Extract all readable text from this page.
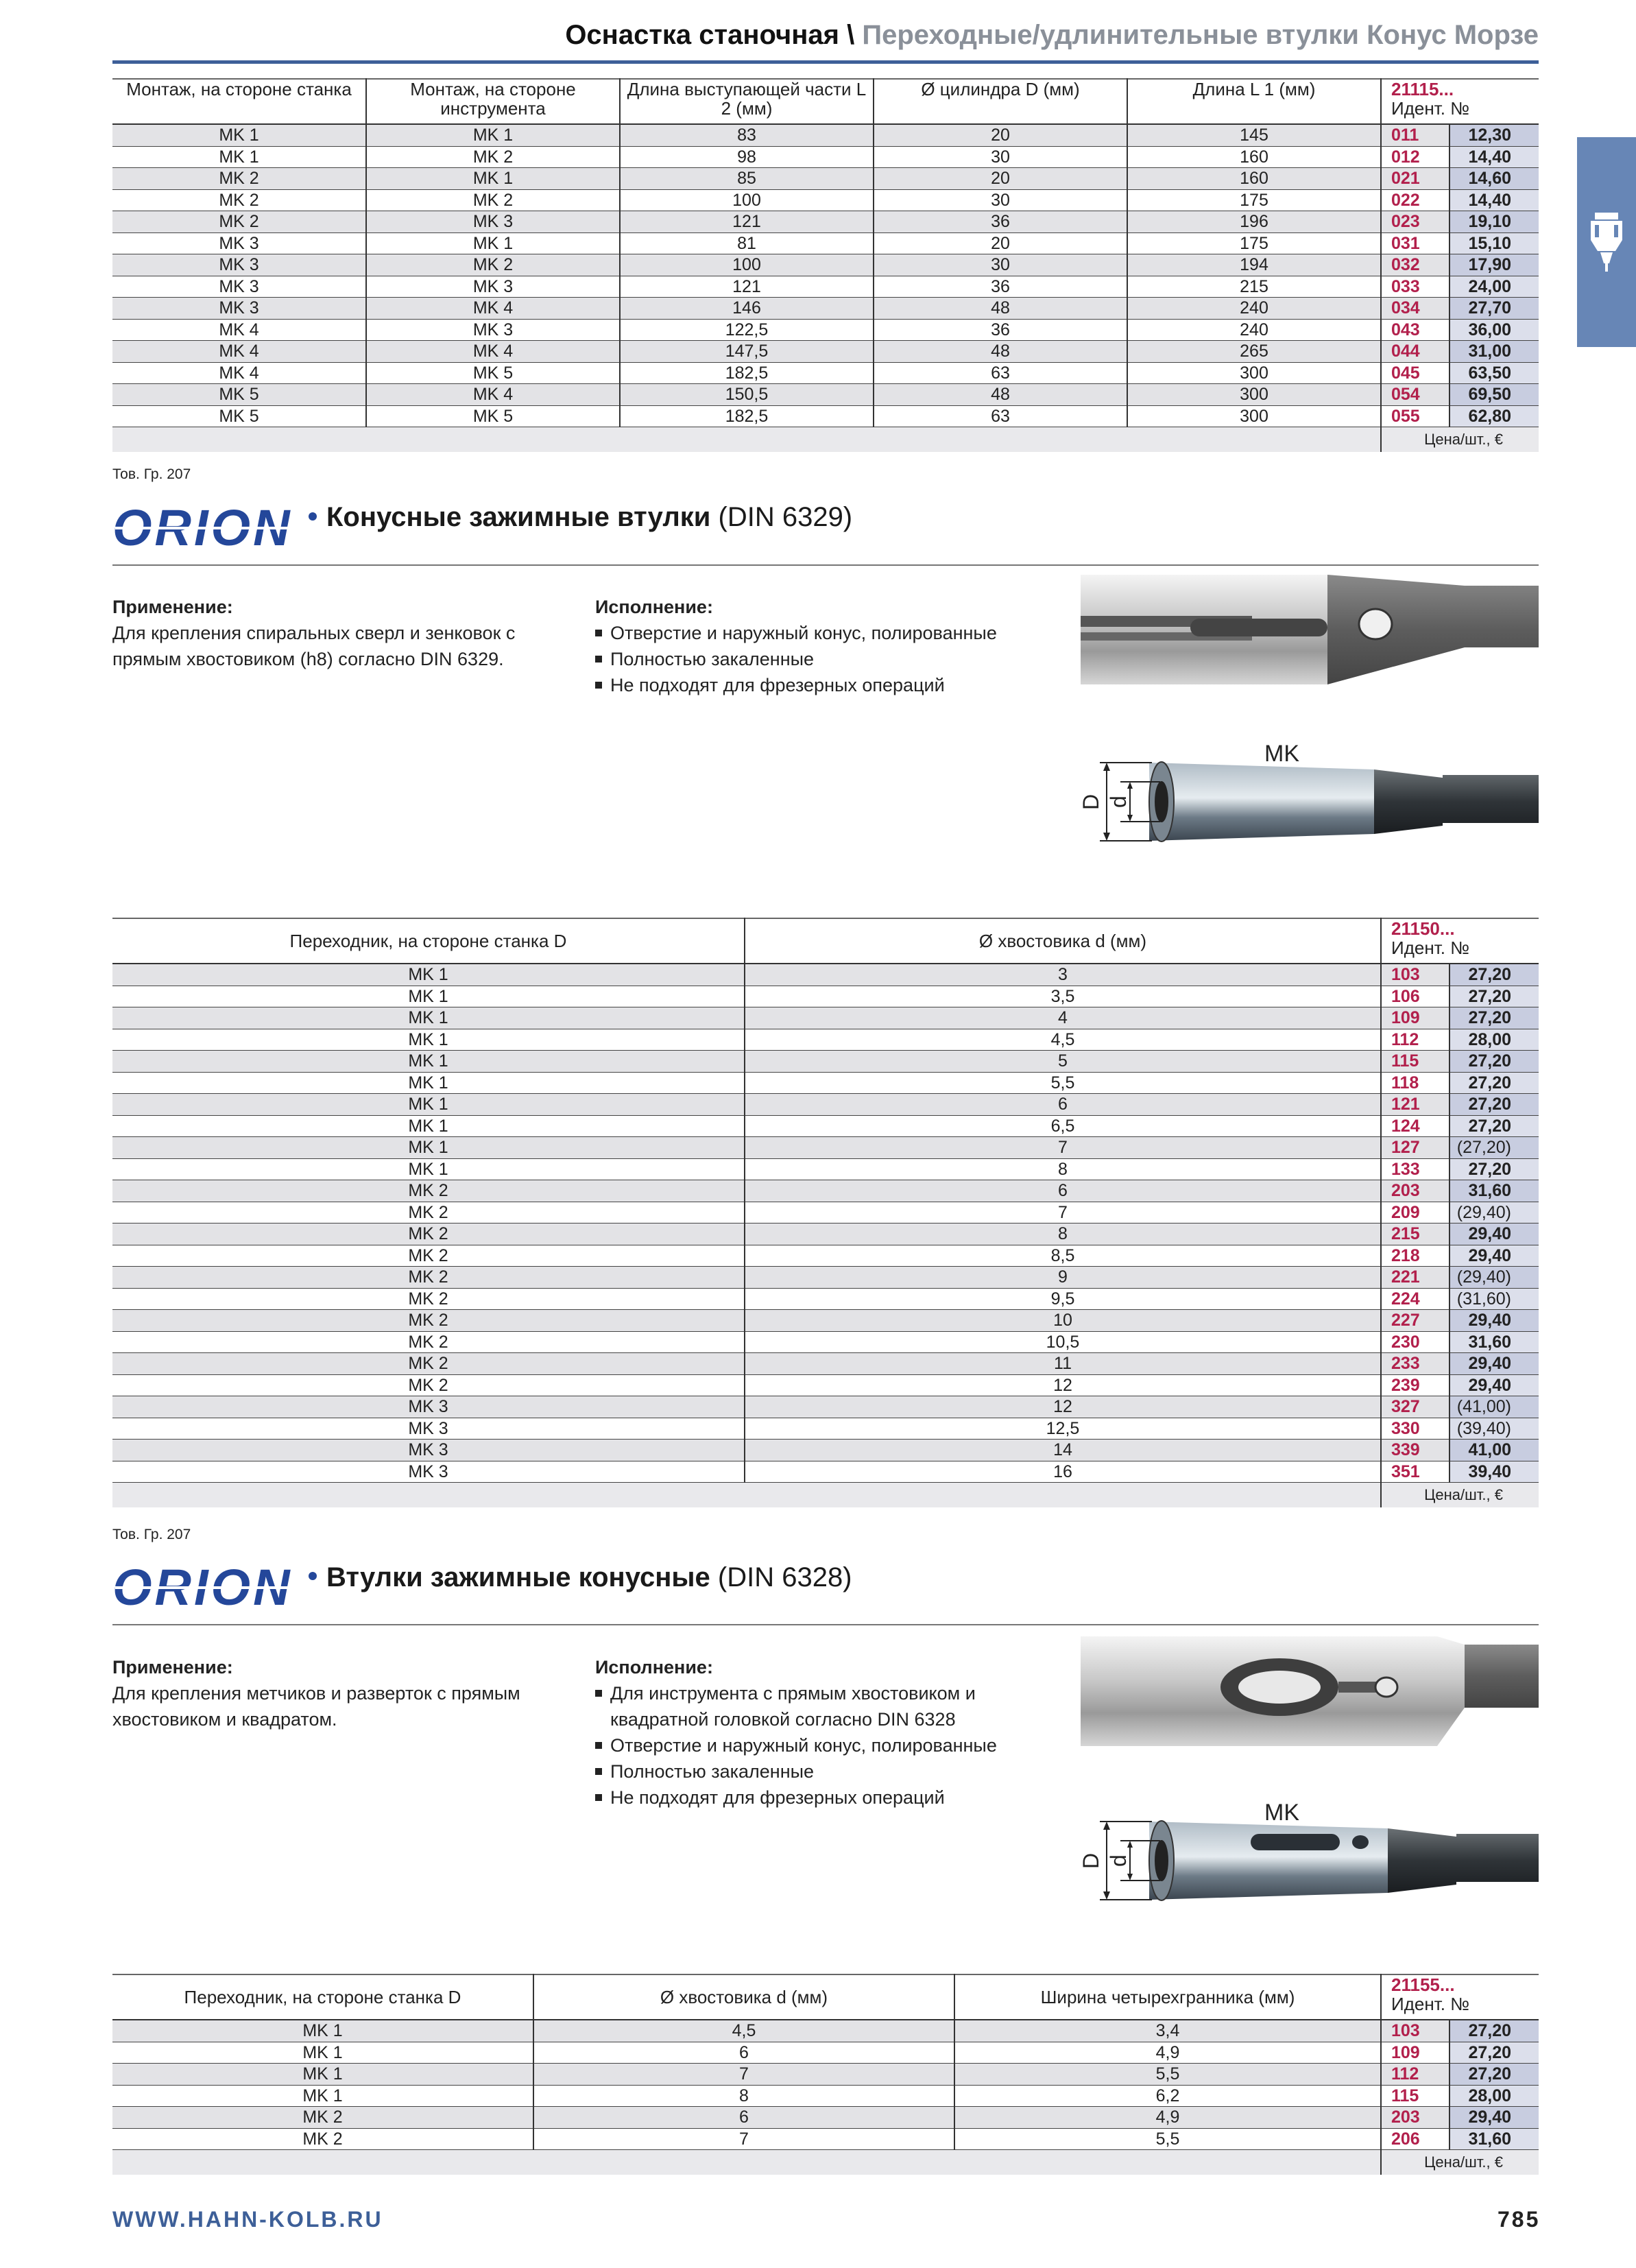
Оснастка станочная \ Переходные/удлинительные втулки Конус Морзе
Монтаж, на стороне станка	Монтаж, на стороне инструмента	Длина выступающей части L 2 (мм)	Ø цилиндра D (мм)	Длина L 1 (мм)	21115...
Идент. №	
MK 1	MK 1	83	20	145	011	12,30
MK 1	MK 2	98	30	160	012	14,40
MK 2	MK 1	85	20	160	021	14,60
MK 2	MK 2	100	30	175	022	14,40
MK 2	MK 3	121	36	196	023	19,10
MK 3	MK 1	81	20	175	031	15,10
MK 3	MK 2	100	30	194	032	17,90
MK 3	MK 3	121	36	215	033	24,00
MK 3	MK 4	146	48	240	034	27,70
MK 4	MK 3	122,5	36	240	043	36,00
MK 4	MK 4	147,5	48	265	044	31,00
MK 4	MK 5	182,5	63	300	045	63,50
MK 5	MK 4	150,5	48	300	054	69,50
MK 5	MK 5	182,5	63	300	055	62,80
					Цена/шт., €	
Тов. Гр. 207
ORION Конусные зажимные втулки (DIN 6329)
Применение:
Для крепления спиральных сверл и зенковок с прямым хвостовиком (h8) согласно DIN 6329.
Исполнение:
Отверстие и наружный конус, полированные
Полностью закаленные
Не подходят для фрезерных операций
MK
D d
Переходник, на стороне станка D	Ø хвостовика d (мм)	21150...
Идент. №	
MK 1	3	103	27,20
MK 1	3,5	106	27,20
MK 1	4	109	27,20
MK 1	4,5	112	28,00
MK 1	5	115	27,20
MK 1	5,5	118	27,20
MK 1	6	121	27,20
MK 1	6,5	124	27,20
MK 1	7	127	(27,20)
MK 1	8	133	27,20
MK 2	6	203	31,60
MK 2	7	209	(29,40)
MK 2	8	215	29,40
MK 2	8,5	218	29,40
MK 2	9	221	(29,40)
MK 2	9,5	224	(31,60)
MK 2	10	227	29,40
MK 2	10,5	230	31,60
MK 2	11	233	29,40
MK 2	12	239	29,40
MK 3	12	327	(41,00)
MK 3	12,5	330	(39,40)
MK 3	14	339	41,00
MK 3	16	351	39,40
		Цена/шт., €	
Тов. Гр. 207
ORION Втулки зажимные конусные (DIN 6328)
Применение:
Для крепления метчиков и разверток с прямым хвостовиком и квадратом.
Исполнение:
Для инструмента с прямым хвостовиком и квадратной головкой согласно DIN 6328
Отверстие и наружный конус, полированные
Полностью закаленные
Не подходят для фрезерных операций
MK
D d
Переходник, на стороне станка D	Ø хвостовика d (мм)	Ширина четырехгранника (мм)	21155...
Идент. №	
MK 1	4,5	3,4	103	27,20
MK 1	6	4,9	109	27,20
MK 1	7	5,5	112	27,20
MK 1	8	6,2	115	28,00
MK 2	6	4,9	203	29,40
MK 2	7	5,5	206	31,60
			Цена/шт., €	
WWW.HAHN-KOLB.RU	785
